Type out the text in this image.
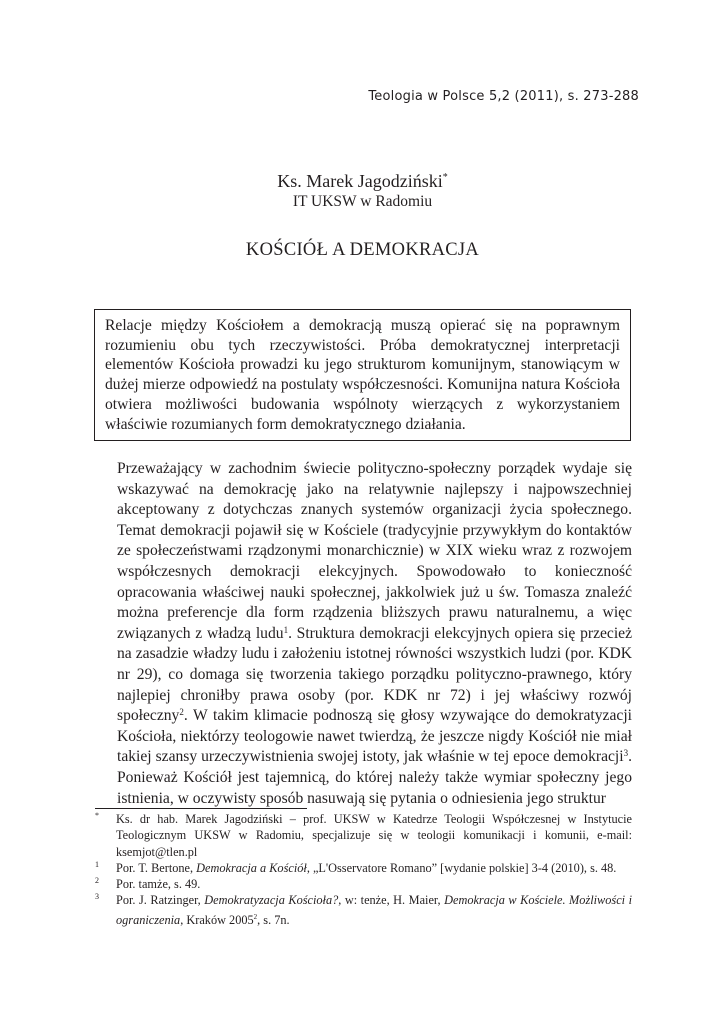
Teologia w Polsce 5,2 (2011), s. 273-288
Ks. Marek Jagodziński*
IT UKSW w Radomiu
KOŚCIÓŁ A DEMOKRACJA
Relacje między Kościołem a demokracją muszą opierać się na poprawnym rozumieniu obu tych rzeczywistości. Próba demokratycznej interpretacji elementów Kościoła prowadzi ku jego strukturom komunijnym, stanowiącym w dużej mierze odpowiedź na postulaty współczesności. Komunijna natura Kościoła otwiera możliwości budowania wspólnoty wierzących z wykorzystaniem właściwie rozumianych form demokratycznego działania.
Przeważający w zachodnim świecie polityczno-społeczny porządek wydaje się wskazywać na demokrację jako na relatywnie najlepszy i najpowszechniej akceptowany z dotychczas znanych systemów organizacji życia społecznego. Temat demokracji pojawił się w Kościele (tradycyjnie przywykłym do kontaktów ze społeczeństwami rządzonymi monarchicznie) w XIX wieku wraz z rozwojem współczesnych demokracji elekcyjnych. Spowodowało to konieczność opracowania właściwej nauki społecznej, jakkolwiek już u św. Tomasza znaleźć można preferencje dla form rządzenia bliższych prawu naturalnemu, a więc związanych z władzą ludu$^1$. Struktura demokracji elekcyjnych opiera się przecież na zasadzie władzy ludu i założeniu istotnej równości wszystkich ludzi (por. KDK nr 29), co domaga się tworzenia takiego porządku polityczno-prawnego, który najlepiej chroniłby prawa osoby (por. KDK nr 72) i jej właściwy rozwój społeczny$^2$. W takim klimacie podnoszą się głosy wzywające do demokratyzacji Kościoła, niektórzy teologowie nawet twierdzą, że jeszcze nigdy Kościół nie miał takiej szansy urzeczywistnienia swojej istoty, jak właśnie w tej epoce demokracji$^3$. Ponieważ Kościół jest tajemnicą, do której należy także wymiar społeczny jego istnienia, w oczywisty sposób nasuwają się pytania o odniesienia jego struktur
* Ks. dr hab. Marek Jagodziński – prof. UKSW w Katedrze Teologii Współczesnej w Instytucie Teologicznym UKSW w Radomiu, specjalizuje się w teologii komunikacji i komunii, e-mail: ksemjot@tlen.pl
1 Por. T. Bertone, Demokracja a Kościół, „L'Osservatore Romano” [wydanie polskie] 3-4 (2010), s. 48.
2 Por. tamże, s. 49.
3 Por. J. Ratzinger, Demokratyzacja Kościoła?, w: tenże, H. Maier, Demokracja w Kościele. Możliwości i ograniczenia, Kraków 2005$^2$, s. 7n.
